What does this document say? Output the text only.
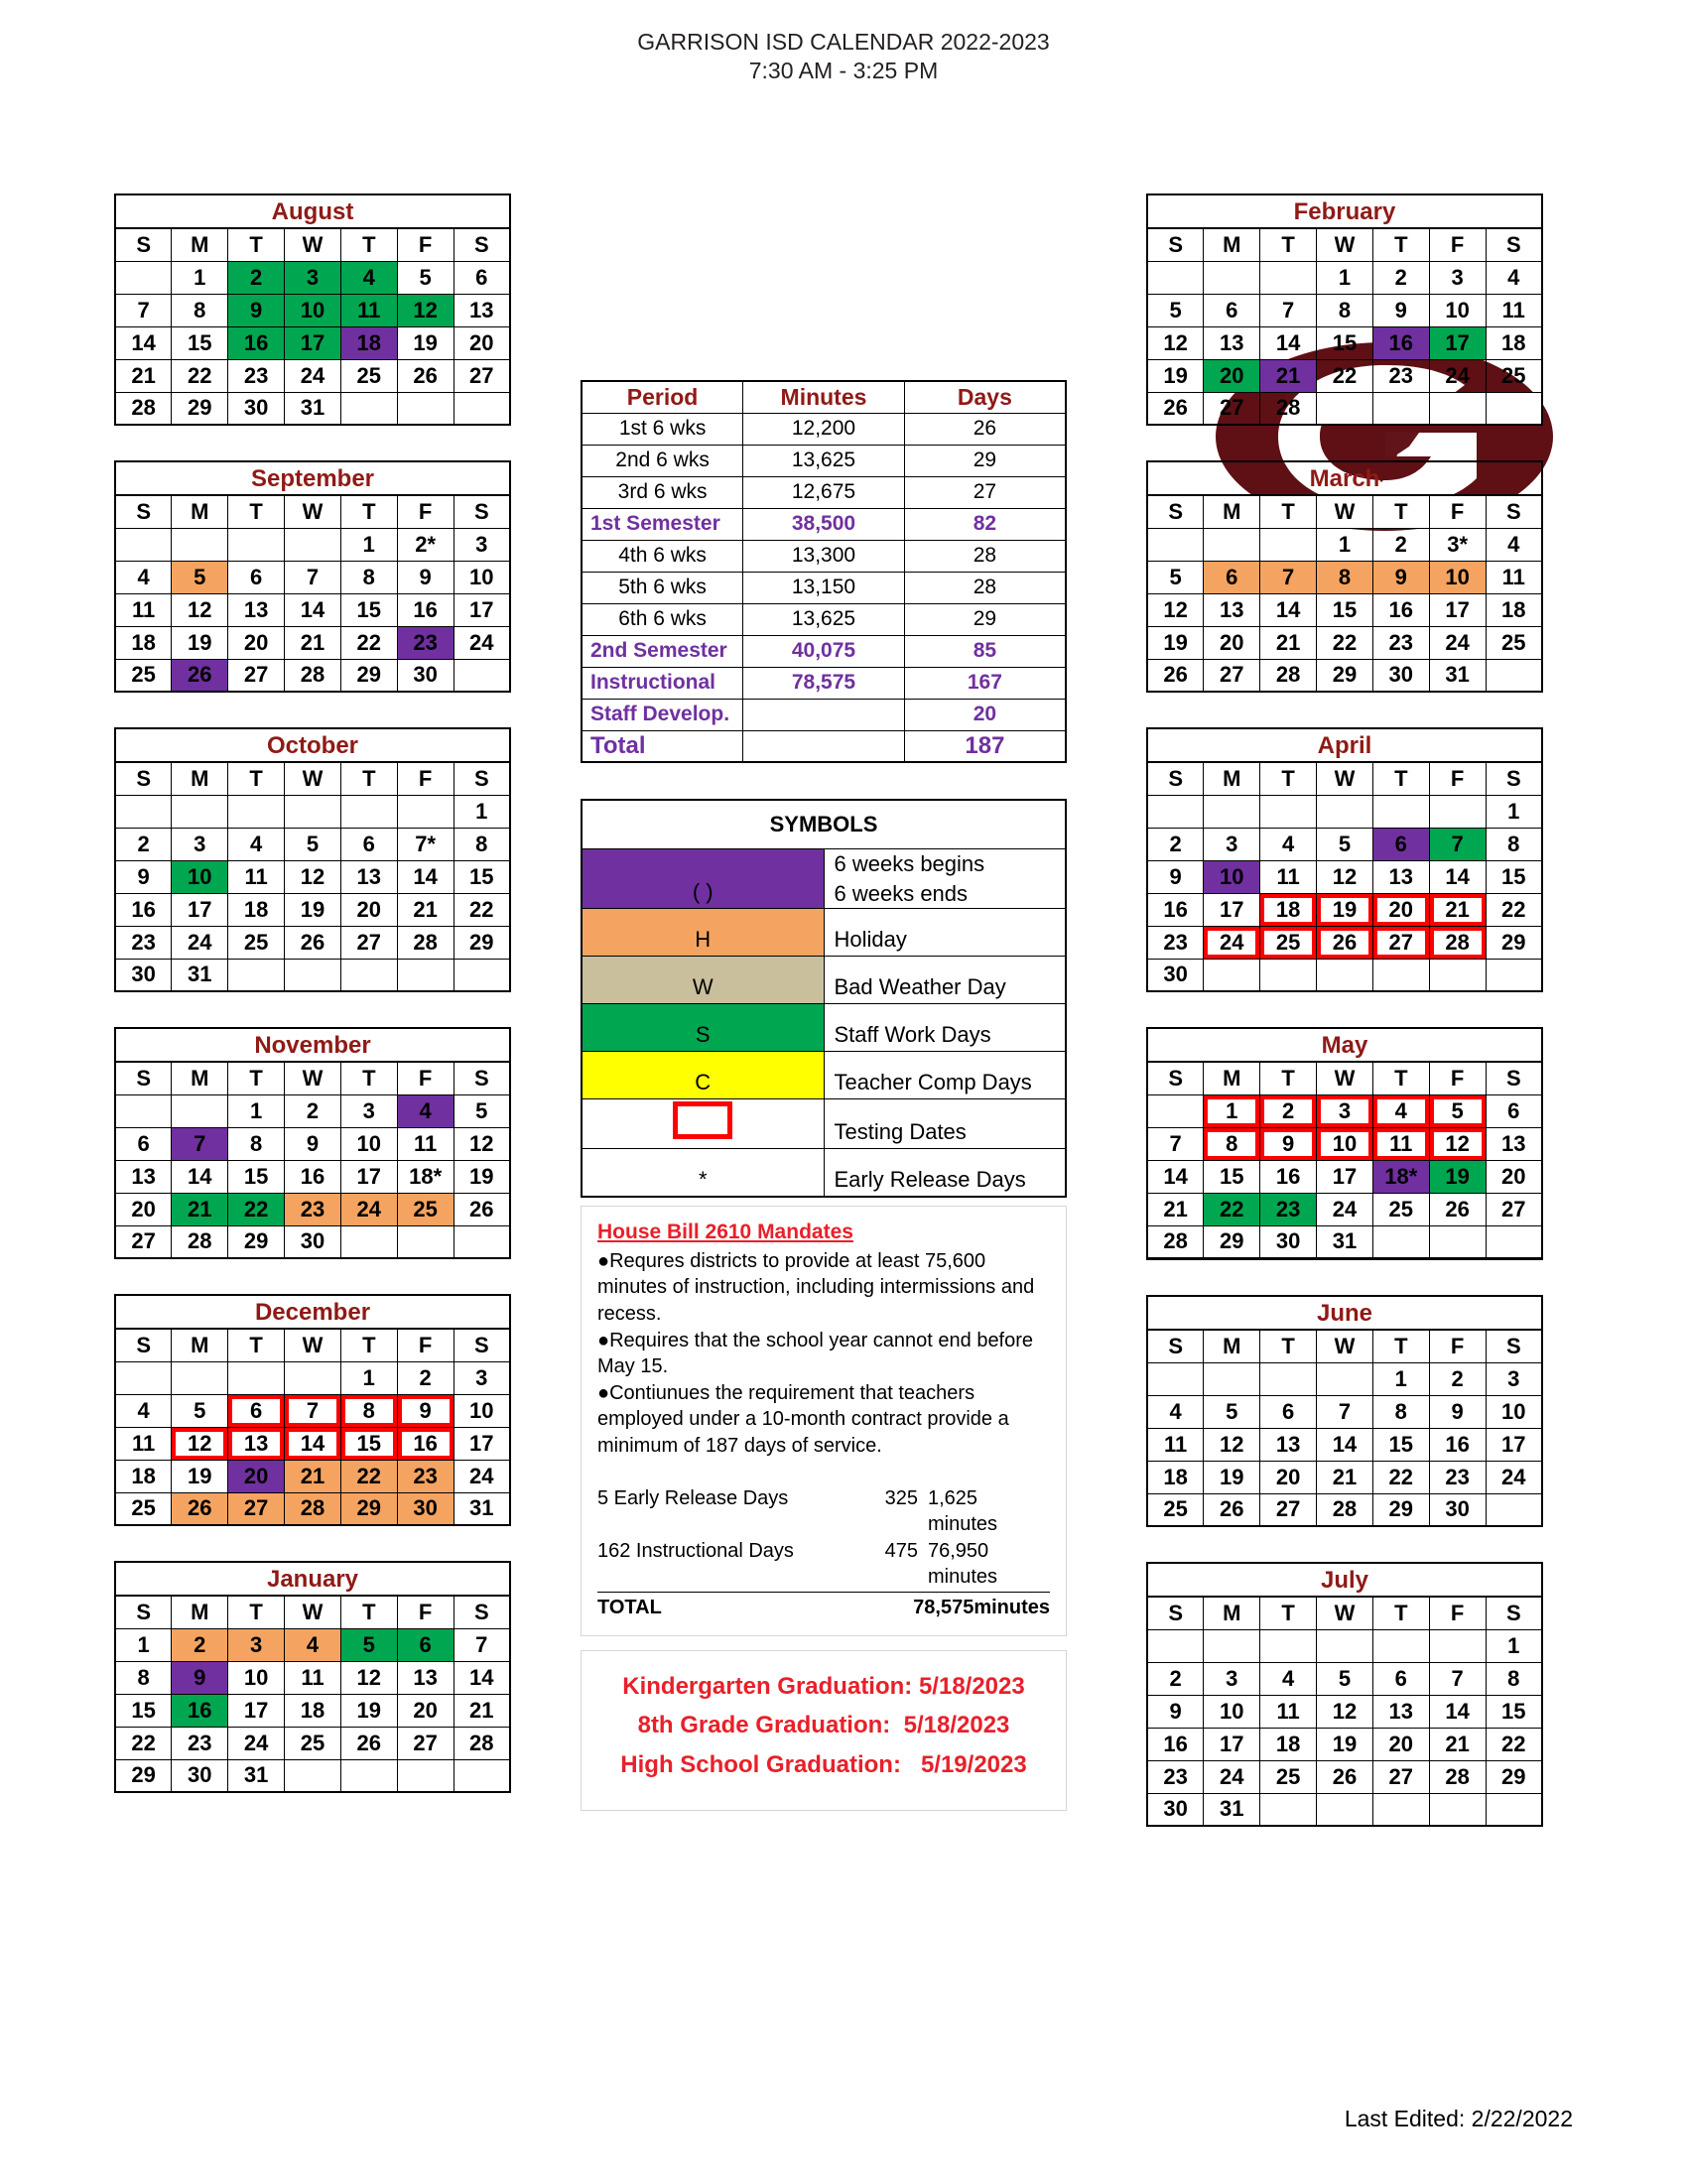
GARRISON ISD CALENDAR 2022-2023
7:30 AM - 3:25 PM
August
S	M	T	W	T	F	S
	1	2	3	4	5	6
7	8	9	10	11	12	13
14	15	16	17	18	19	20
21	22	23	24	25	26	27
28	29	30	31			
September
S	M	T	W	T	F	S
				1	2*	3
4	5	6	7	8	9	10
11	12	13	14	15	16	17
18	19	20	21	22	23	24
25	26	27	28	29	30	
October
S	M	T	W	T	F	S
						1
2	3	4	5	6	7*	8
9	10	11	12	13	14	15
16	17	18	19	20	21	22
23	24	25	26	27	28	29
30	31					
November
S	M	T	W	T	F	S
		1	2	3	4	5
6	7	8	9	10	11	12
13	14	15	16	17	18*	19
20	21	22	23	24	25	26
27	28	29	30			
December
S	M	T	W	T	F	S
				1	2	3
4	5	6	7	8	9	10
11	12	13	14	15	16	17
18	19	20	21	22	23	24
25	26	27	28	29	30	31
January
S	M	T	W	T	F	S
1	2	3	4	5	6	7
8	9	10	11	12	13	14
15	16	17	18	19	20	21
22	23	24	25	26	27	28
29	30	31				
Period	Minutes	Days
1st 6 wks	12,200	26
2nd 6 wks	13,625	29
3rd 6 wks	12,675	27
1st Semester	38,500	82
4th 6 wks	13,300	28
5th 6 wks	13,150	28
6th 6 wks	13,625	29
2nd Semester	40,075	85
Instructional	78,575	167
Staff Develop.		20
Total		187
SYMBOLS	
( )	6 weeks begins
6 weeks ends

H	Holiday
W	Bad Weather Day
S	Staff Work Days
C	Teacher Comp Days
	Testing Dates
*	Early Release Days
House Bill 2610 Mandates

●Requres districts to provide at least 75,600 minutes of instruction, including intermissions and recess.

●Requires that the school year cannot end before May 15.

●Contiunues the requirement that teachers employed under a 10-month contract provide a minimum of 187 days of service.

5 Early Release Days	325 1,625 minutes
162 Instructional Days	475 76,950 minutes
TOTAL	78,575minutes
Kindergarten Graduation: 5/18/2023
8th Grade Graduation:  5/18/2023
High School Graduation:   5/19/2023
February
S	M	T	W	T	F	S
			1	2	3	4
5	6	7	8	9	10	11
12	13	14	15	16	17	18
19	20	21	22	23	24	25
26	27	28				
March
S	M	T	W	T	F	S
			1	2	3*	4
5	6	7	8	9	10	11
12	13	14	15	16	17	18
19	20	21	22	23	24	25
26	27	28	29	30	31	
April
S	M	T	W	T	F	S
						1
2	3	4	5	6	7	8
9	10	11	12	13	14	15
16	17	18	19	20	21	22
23	24	25	26	27	28	29
30						
May
S	M	T	W	T	F	S
	1	2	3	4	5	6
7	8	9	10	11	12	13
14	15	16	17	18*	19	20
21	22	23	24	25	26	27
28	29	30	31			
June
S	M	T	W	T	F	S
				1	2	3
4	5	6	7	8	9	10
11	12	13	14	15	16	17
18	19	20	21	22	23	24
25	26	27	28	29	30	
July
S	M	T	W	T	F	S
						1
2	3	4	5	6	7	8
9	10	11	12	13	14	15
16	17	18	19	20	21	22
23	24	25	26	27	28	29
30	31					
Last Edited: 2/22/2022
